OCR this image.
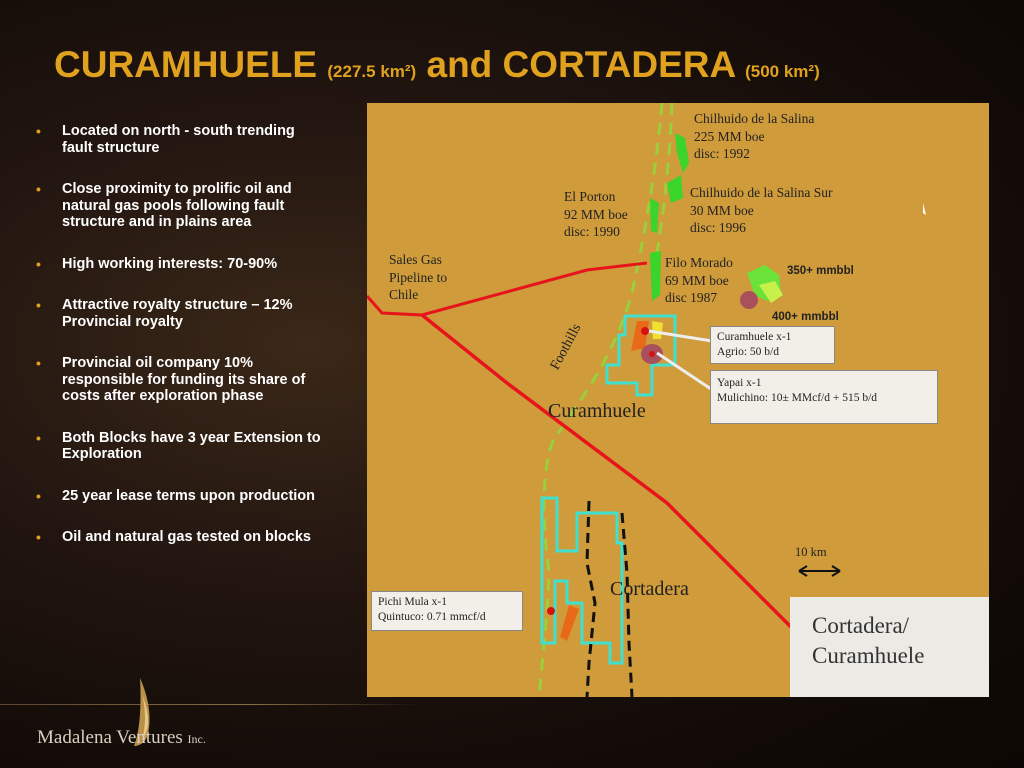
CURAMHUELE (227.5 km²) and CORTADERA (500 km²)
• Located on north - south trending fault structure
• Close proximity to prolific oil and natural gas pools following fault structure and in plains area
• High working interests: 70-90%
• Attractive royalty structure – 12% Provincial royalty
• Provincial oil company 10% responsible for funding its share of costs after exploration phase
• Both Blocks have 3 year Extension to Exploration
• 25 year lease terms upon production
• Oil and natural gas tested on blocks
Chilhuido de la Salina
225 MM boe
disc: 1992
Chilhuido de la Salina Sur
30 MM boe
disc: 1996
El Porton
92 MM boe
disc: 1990
Filo Morado
69 MM boe
disc 1987
Sales Gas
Pipeline to
Chile
350+ mmbbl
400+ mmbbl
Foothills
Curamhuele
Cortadera
10 km
Curamhuele x-1
Agrio: 50 b/d
Yapai x-1
Mulichino: 10± MMcf/d + 515 b/d
Pichi Mula x-1
Quintuco: 0.71 mmcf/d	Cortadera/
Curamhuele
Madalena Ventures Inc.
